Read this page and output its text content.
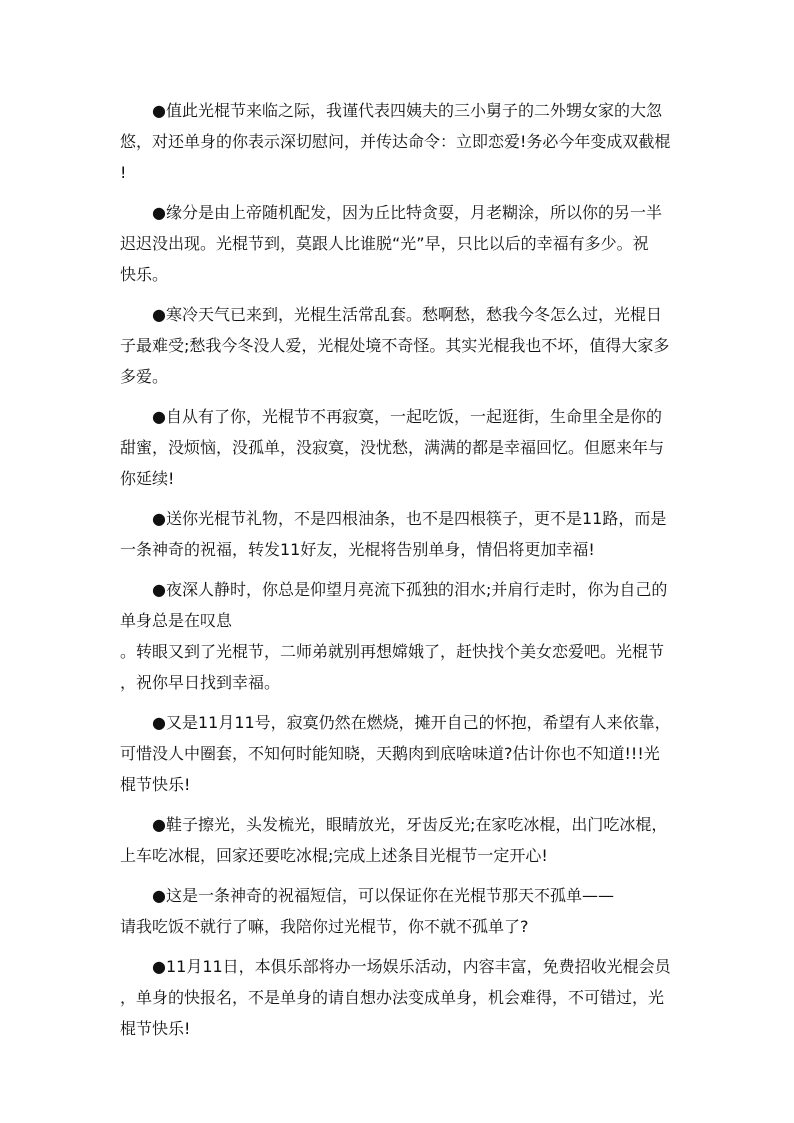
●值此光棍节来临之际，我谨代表四姨夫的三小舅子的二外甥女家的大忽
悠，对还单身的你表示深切慰问，并传达命令：立即恋爱!务必今年变成双截棍
!

●缘分是由上帝随机配发，因为丘比特贪耍，月老糊涂，所以你的另一半
迟迟没出现。光棍节到，莫跟人比谁脱“光”早，只比以后的幸福有多少。祝
快乐。

●寒冷天气已来到，光棍生活常乱套。愁啊愁，愁我今冬怎么过，光棍日
子最难受;愁我今冬没人爱，光棍处境不奇怪。其实光棍我也不坏，值得大家多
多爱。

●自从有了你，光棍节不再寂寞，一起吃饭，一起逛街，生命里全是你的
甜蜜，没烦恼，没孤单，没寂寞，没忧愁，满满的都是幸福回忆。但愿来年与
你延续!

●送你光棍节礼物，不是四根油条，也不是四根筷子，更不是11路，而是
一条神奇的祝福，转发11好友，光棍将告别单身，情侣将更加幸福!

●夜深人静时，你总是仰望月亮流下孤独的泪水;并肩行走时，你为自己的
单身总是在叹息
。转眼又到了光棍节，二师弟就别再想嫦娥了，赶快找个美女恋爱吧。光棍节
，祝你早日找到幸福。

●又是11月11号，寂寞仍然在燃烧，摊开自己的怀抱，希望有人来依靠，
可惜没人中圈套，不知何时能知晓，天鹅肉到底啥味道?估计你也不知道!!!光
棍节快乐!

●鞋子擦光，头发梳光，眼睛放光，牙齿反光;在家吃冰棍，出门吃冰棍，
上车吃冰棍，回家还要吃冰棍;完成上述条目光棍节一定开心!

●这是一条神奇的祝福短信，可以保证你在光棍节那天不孤单——
请我吃饭不就行了嘛，我陪你过光棍节，你不就不孤单了?

●11月11日，本俱乐部将办一场娱乐活动，内容丰富，免费招收光棍会员
，单身的快报名，不是单身的请自想办法变成单身，机会难得，不可错过，光
棍节快乐!
